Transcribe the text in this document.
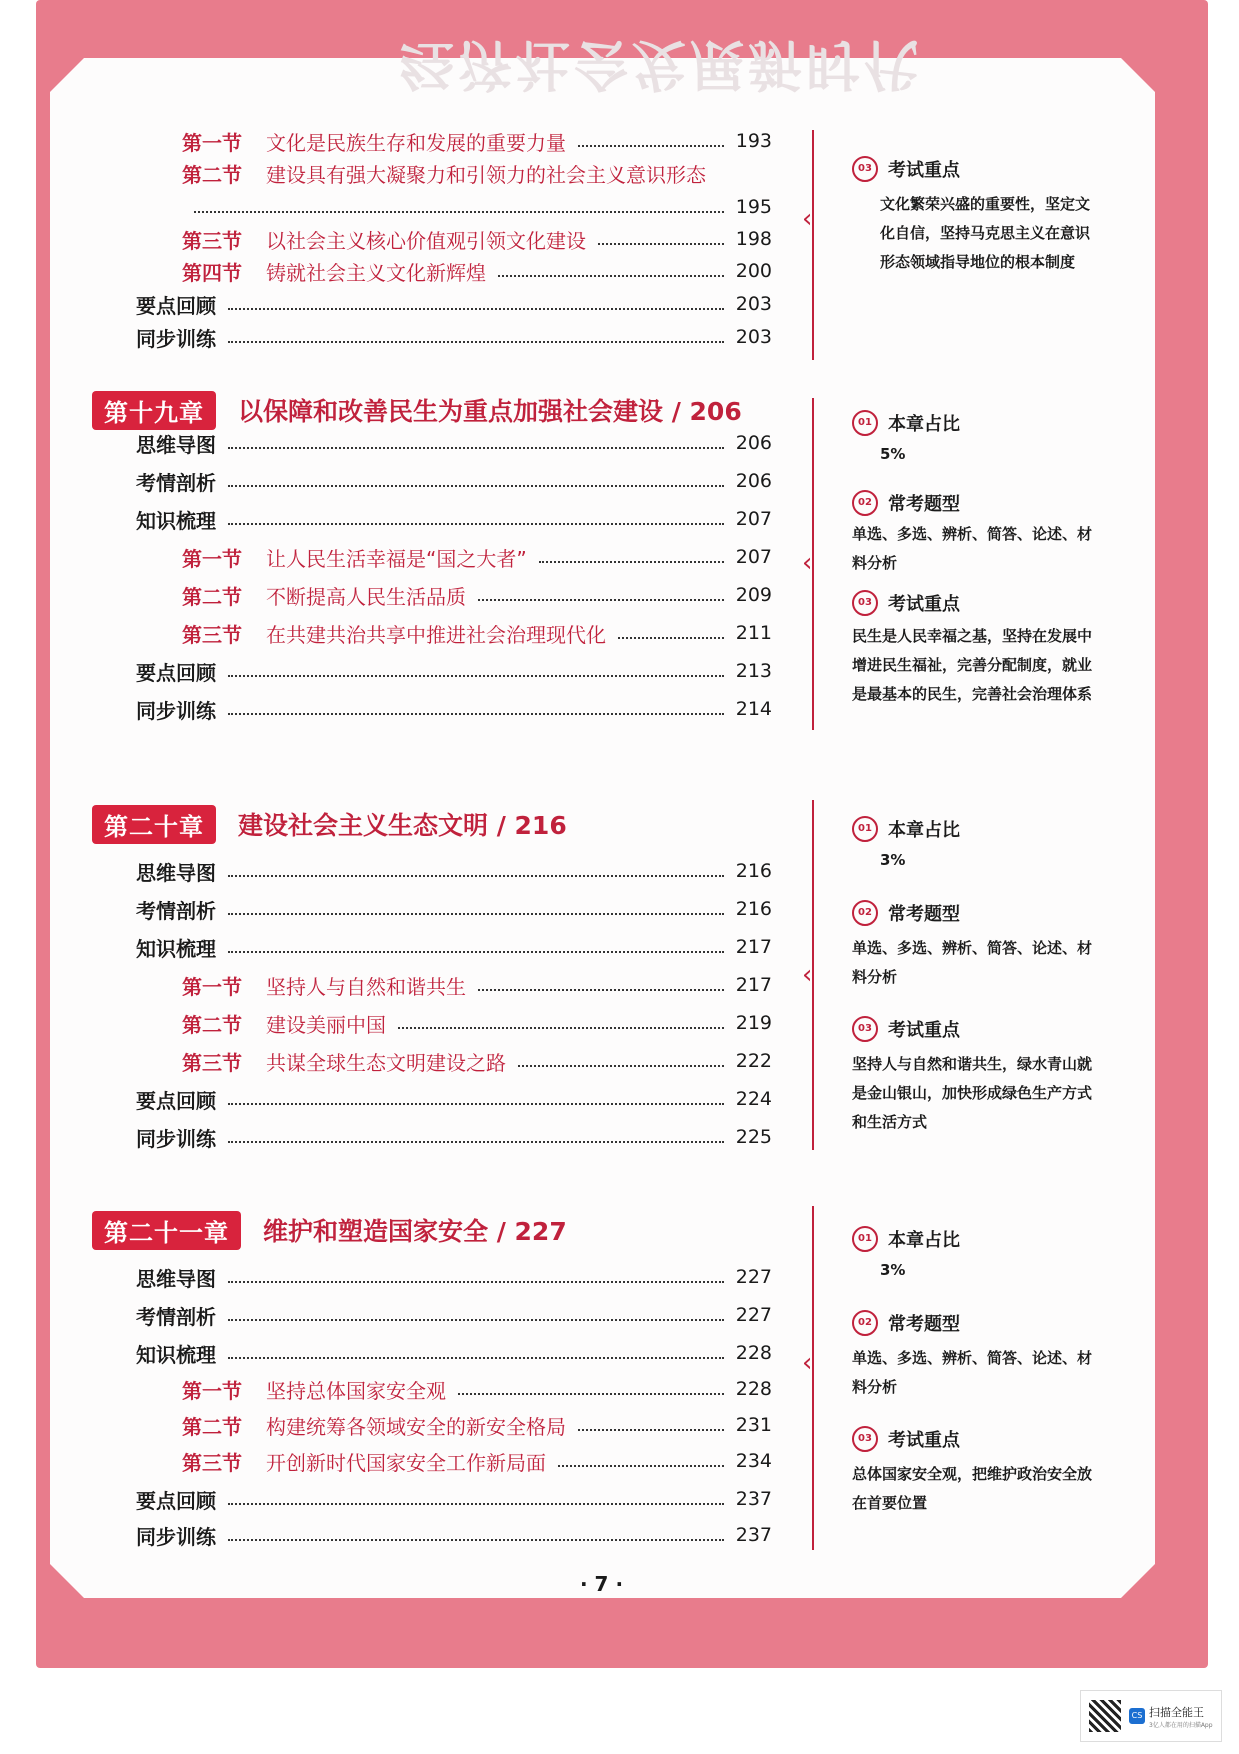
经济社会发展新时代
第一节	文化是民族生存和发展的重要力量	193
第二节	建设具有强大凝聚力和引领力的社会主义意识形态
195
第三节	以社会主义核心价值观引领文化建设	198
第四节	铸就社会主义文化新辉煌	200
要点回顾	203
同步训练	203
‹
03 考试重点
文化繁荣兴盛的重要性，坚定文化自信，坚持马克思主义在意识形态领域指导地位的根本制度
第十九章	以保障和改善民生为重点加强社会建设 / 206
思维导图	206
考情剖析	206
知识梳理	207
第一节	让人民生活幸福是“国之大者”	207
第二节	不断提高人民生活品质	209
第三节	在共建共治共享中推进社会治理现代化	211
要点回顾	213
同步训练	214
‹
01 本章占比
5%
02 常考题型
单选、多选、辨析、简答、论述、材料分析
03 考试重点
民生是人民幸福之基，坚持在发展中增进民生福祉，完善分配制度，就业是最基本的民生，完善社会治理体系
第二十章	建设社会主义生态文明 / 216
思维导图	216
考情剖析	216
知识梳理	217
第一节	坚持人与自然和谐共生	217
第二节	建设美丽中国	219
第三节	共谋全球生态文明建设之路	222
要点回顾	224
同步训练	225
‹
01 本章占比
3%
02 常考题型
单选、多选、辨析、简答、论述、材料分析
03 考试重点
坚持人与自然和谐共生，绿水青山就是金山银山，加快形成绿色生产方式和生活方式
第二十一章	维护和塑造国家安全 / 227
思维导图	227
考情剖析	227
知识梳理	228
第一节	坚持总体国家安全观	228
第二节	构建统筹各领域安全的新安全格局	231
第三节	开创新时代国家安全工作新局面	234
要点回顾	237
同步训练	237
‹
01 本章占比
3%
02 常考题型
单选、多选、辨析、简答、论述、材料分析
03 考试重点
总体国家安全观，把维护政治安全放在首要位置
· 7 ·
CS 扫描全能王
3亿人都在用的扫描App
